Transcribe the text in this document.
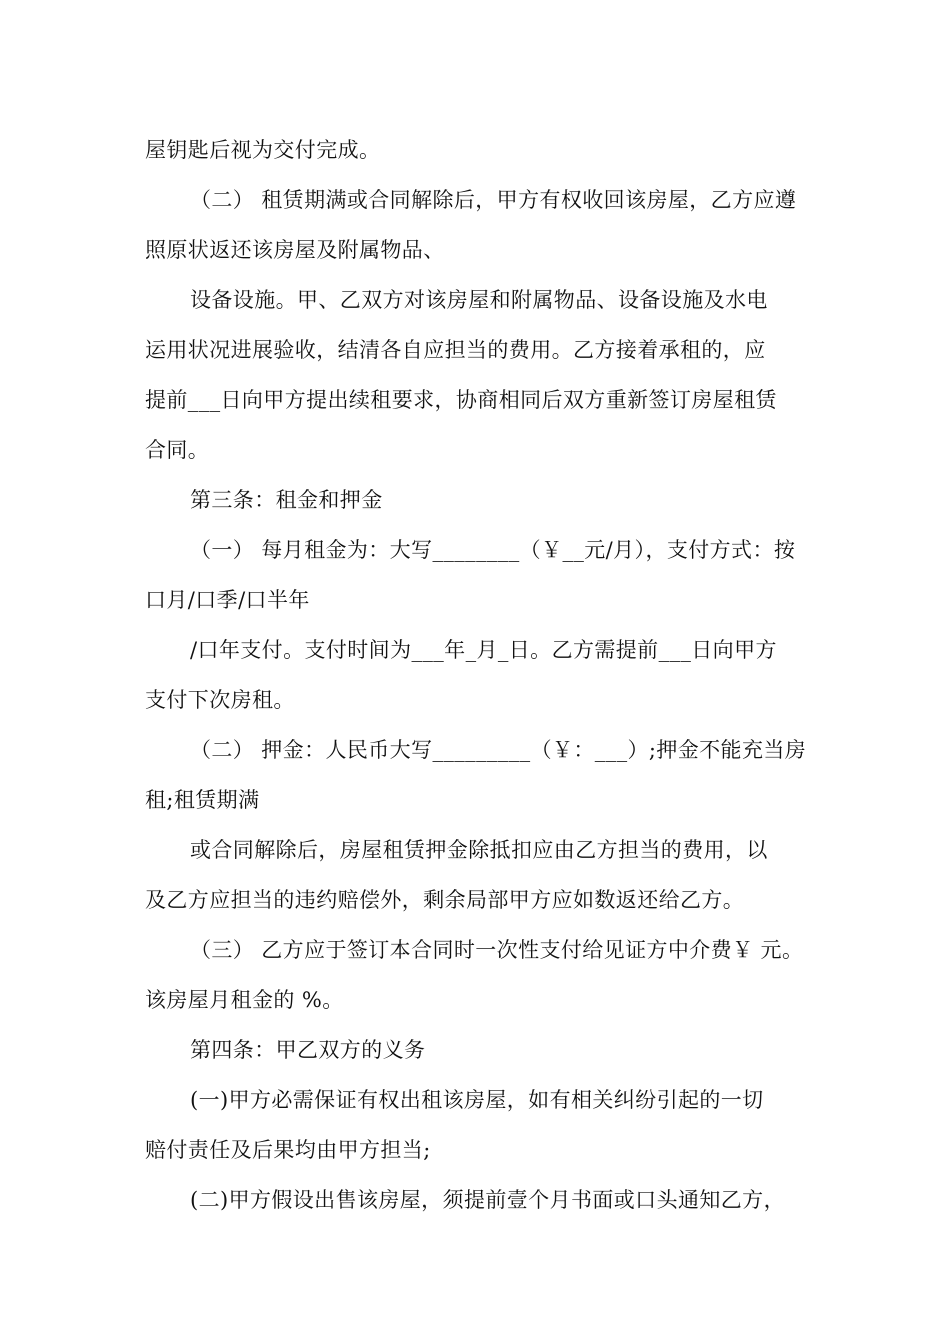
屋钥匙后视为交付完成。
（二） 租赁期满或合同解除后，甲方有权收回该房屋，乙方应遵
照原状返还该房屋及附属物品、
设备设施。甲、乙双方对该房屋和附属物品、设备设施及水电
运用状况进展验收，结清各自应担当的费用。乙方接着承租的，应
提前___日向甲方提出续租要求，协商相同后双方重新签订房屋租赁
合同。
第三条：租金和押金
（一） 每月租金为：大写________（￥__元/月），支付方式：按
口月/口季/口半年
/口年支付。支付时间为___年_月_日。乙方需提前___日向甲方
支付下次房租。
（二） 押金：人民币大写_________（￥：___）;押金不能充当房
租;租赁期满
或合同解除后，房屋租赁押金除抵扣应由乙方担当的费用，以
及乙方应担当的违约赔偿外，剩余局部甲方应如数返还给乙方。
（三） 乙方应于签订本合同时一次性支付给见证方中介费￥ 元。
该房屋月租金的 %。
第四条：甲乙双方的义务
(一)甲方必需保证有权出租该房屋，如有相关纠纷引起的一切
赔付责任及后果均由甲方担当;
(二)甲方假设出售该房屋，须提前壹个月书面或口头通知乙方，
